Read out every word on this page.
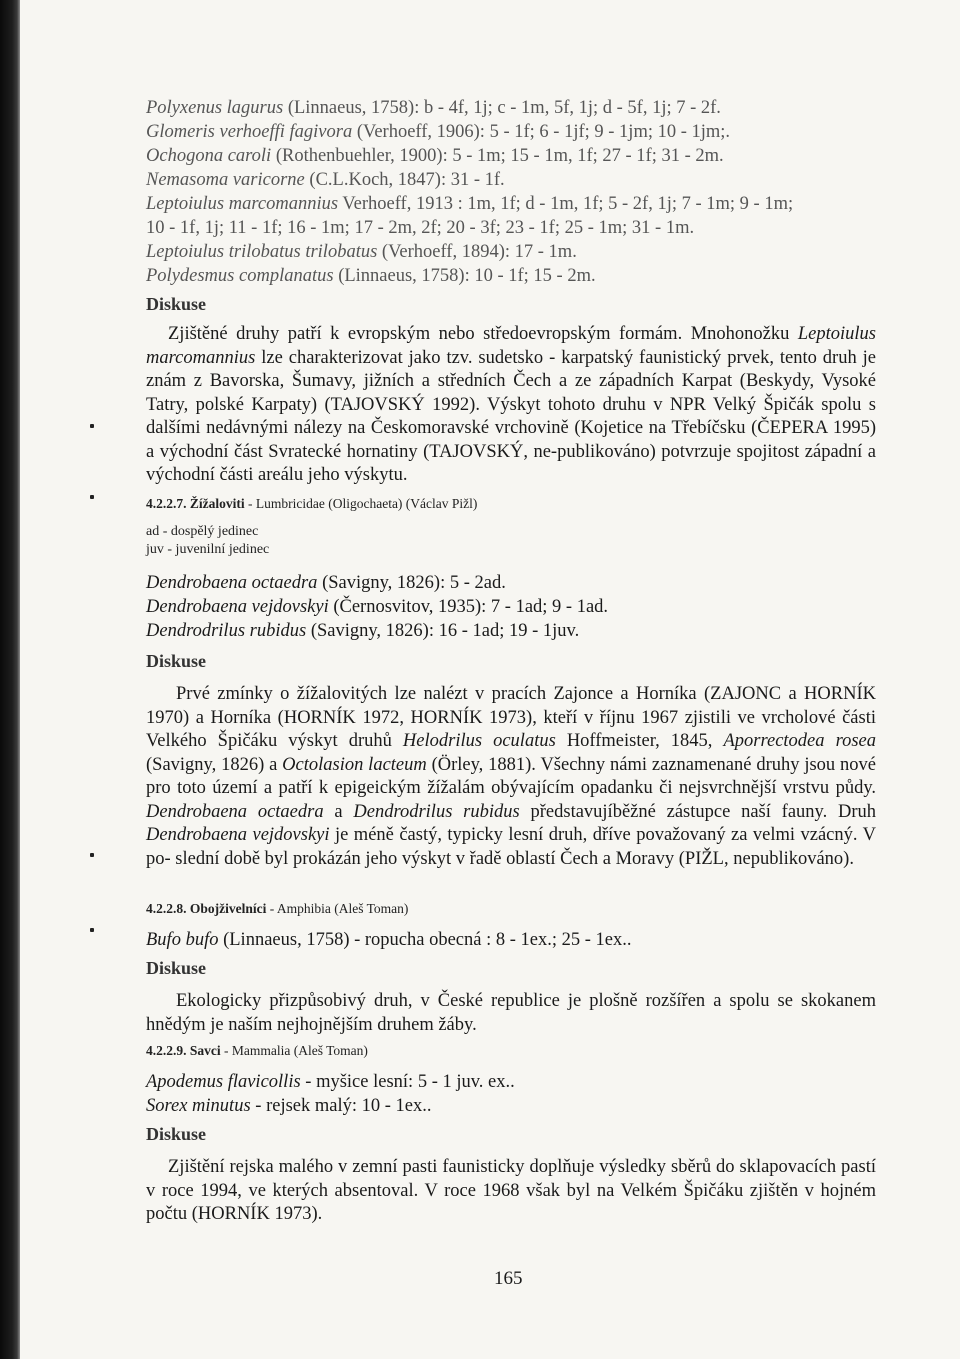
Polyxenus lagurus (Linnaeus, 1758): b - 4f, 1j; c - 1m, 5f, 1j; d - 5f, 1j; 7 - 2f.
Glomeris verhoeffi fagivora (Verhoeff, 1906): 5 - 1f; 6 - 1jf; 9 - 1jm; 10 - 1jm;.
Ochogona caroli (Rothenbuehler, 1900): 5 - 1m; 15 - 1m, 1f; 27 - 1f; 31 - 2m.
Nemasoma varicorne (C.L.Koch, 1847): 31 - 1f.
Leptoiulus marcomannius Verhoeff, 1913 : 1m, 1f; d - 1m, 1f; 5 - 2f, 1j; 7 - 1m; 9 - 1m;
10 - 1f, 1j; 11 - 1f; 16 - 1m; 17 - 2m, 2f; 20 - 3f; 23 - 1f; 25 - 1m; 31 - 1m.
Leptoiulus trilobatus trilobatus (Verhoeff, 1894): 17 - 1m.
Polydesmus complanatus (Linnaeus, 1758): 10 - 1f; 15 - 2m.
Diskuse
Zjištěné druhy patří k evropským nebo středoevropským formám. Mnohonožku Leptoiulus marcomannius lze charakterizovat jako tzv. sudetsko - karpatský faunistický prvek, tento druh je znám z Bavorska, Šumavy, jižních a středních Čech a ze západních Karpat (Beskydy, Vysoké Tatry, polské Karpaty) (TAJOVSKÝ 1992). Výskyt tohoto druhu v NPR Velký Špičák spolu s dalšími nedávnými nálezy na Českomoravské vrchovině (Kojetice na Třebíčsku (ČEPERA 1995) a východní část Svratecké hornatiny (TAJOVSKÝ, ne-publikováno) potvrzuje spojitost západní a východní části areálu jeho výskytu.
4.2.2.7. Žížaloviti - Lumbricidae (Oligochaeta) (Václav Pižl)
ad - dospělý jedinec
juv - juvenilní jedinec
Dendrobaena octaedra (Savigny, 1826): 5 - 2ad.
Dendrobaena vejdovskyi (Černosvitov, 1935): 7 - 1ad; 9 - 1ad.
Dendrodrilus rubidus (Savigny, 1826): 16 - 1ad; 19 - 1juv.
Diskuse
Prvé zmínky o žížalovitých lze nalézt v pracích Zajonce a Horníka (ZAJONC a HORNÍK 1970) a Horníka (HORNÍK 1972, HORNÍK 1973), kteří v říjnu 1967 zjistili ve vrcholové části Velkého Špičáku výskyt druhů Helodrilus oculatus Hoffmeister, 1845, Aporrectodea rosea (Savigny, 1826) a Octolasion lacteum (Örley, 1881). Všechny námi zaznamenané druhy jsou nové pro toto území a patří k epigeickým žížalám obývajícím opadanku či nejsvrchnější vrstvu půdy. Dendrobaena octaedra a Dendrodrilus rubidus představujíběžné zástupce naší fauny. Druh Dendrobaena vejdovskyi je méně častý, typicky lesní druh, dříve považovaný za velmi vzácný. V po- slední době byl prokázán jeho výskyt v řadě oblastí Čech a Moravy (PIŽL, nepublikováno).
4.2.2.8. Obojživelníci - Amphibia (Aleš Toman)
Bufo bufo (Linnaeus, 1758) - ropucha obecná : 8 - 1ex.; 25 - 1ex..
Diskuse
Ekologicky přizpůsobivý druh, v České republice je plošně rozšířen a spolu se skokanem hnědým je naším nejhojnějším druhem žáby.
4.2.2.9. Savci - Mammalia (Aleš Toman)
Apodemus flavicollis - myšice lesní: 5 - 1 juv. ex..
Sorex minutus - rejsek malý: 10 - 1ex..
Diskuse
Zjištění rejska malého v zemní pasti faunisticky doplňuje výsledky sběrů do sklapovacích pastí v roce 1994, ve kterých absentoval. V roce 1968 však byl na Velkém Špičáku zjištěn v hojném počtu (HORNÍK 1973).
165
